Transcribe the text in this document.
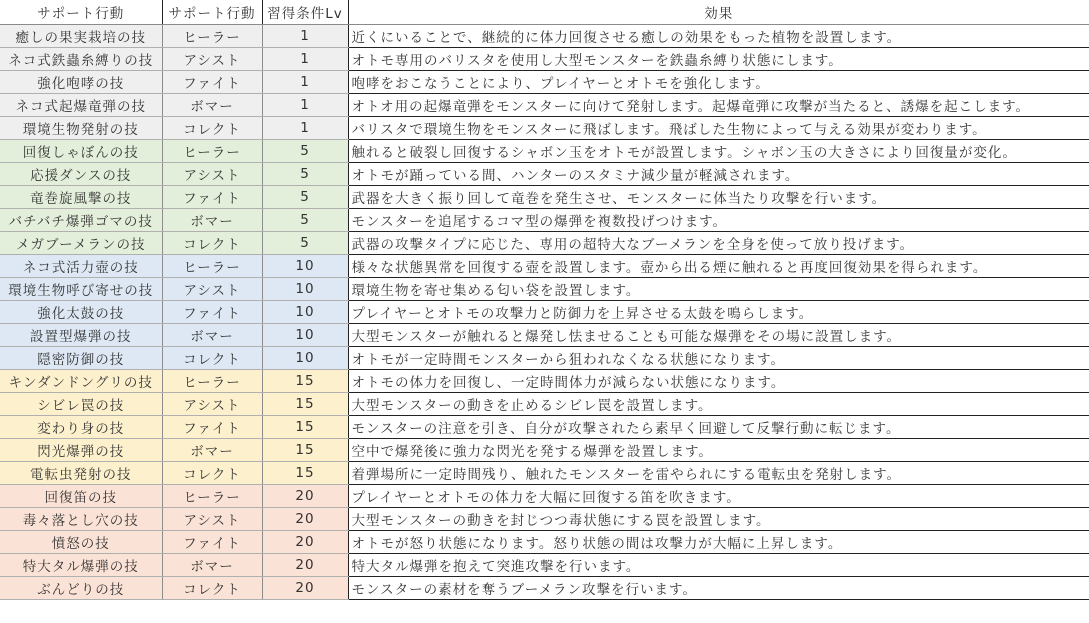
サポート行動	サポート行動	習得条件Lv	効果
癒しの果実栽培の技	ヒーラー	1	近くにいることで、継続的に体力回復させる癒しの効果をもった植物を設置します。
ネコ式鉄蟲糸縛りの技	アシスト	1	オトモ専用のバリスタを使用し大型モンスターを鉄蟲糸縛り状態にします。
強化咆哮の技	ファイト	1	咆哮をおこなうことにより、プレイヤーとオトモを強化します。
ネコ式起爆竜弾の技	ボマー	1	オトオ用の起爆竜弾をモンスターに向けて発射します。起爆竜弾に攻撃が当たると、誘爆を起こします。
環境生物発射の技	コレクト	1	バリスタで環境生物をモンスターに飛ばします。飛ばした生物によって与える効果が変わります。
回復しゃぼんの技	ヒーラー	5	触れると破裂し回復するシャボン玉をオトモが設置します。シャボン玉の大きさにより回復量が変化。
応援ダンスの技	アシスト	5	オトモが踊っている間、ハンターのスタミナ減少量が軽減されます。
竜巻旋風撃の技	ファイト	5	武器を大きく振り回して竜巻を発生させ、モンスターに体当たり攻撃を行います。
バチバチ爆弾ゴマの技	ボマー	5	モンスターを追尾するコマ型の爆弾を複数投げつけます。
メガブーメランの技	コレクト	5	武器の攻撃タイプに応じた、専用の超特大なブーメランを全身を使って放り投げます。
ネコ式活力壺の技	ヒーラー	10	様々な状態異常を回復する壺を設置します。壺から出る煙に触れると再度回復効果を得られます。
環境生物呼び寄せの技	アシスト	10	環境生物を寄せ集める匂い袋を設置します。
強化太鼓の技	ファイト	10	プレイヤーとオトモの攻撃力と防御力を上昇させる太鼓を鳴らします。
設置型爆弾の技	ボマー	10	大型モンスターが触れると爆発し怯ませることも可能な爆弾をその場に設置します。
隠密防御の技	コレクト	10	オトモが一定時間モンスターから狙われなくなる状態になります。
キンダンドングリの技	ヒーラー	15	オトモの体力を回復し、一定時間体力が減らない状態になります。
シビレ罠の技	アシスト	15	大型モンスターの動きを止めるシビレ罠を設置します。
変わり身の技	ファイト	15	モンスターの注意を引き、自分が攻撃されたら素早く回避して反撃行動に転じます。
閃光爆弾の技	ボマー	15	空中で爆発後に強力な閃光を発する爆弾を設置します。
電転虫発射の技	コレクト	15	着弾場所に一定時間残り、触れたモンスターを雷やられにする電転虫を発射します。
回復笛の技	ヒーラー	20	プレイヤーとオトモの体力を大幅に回復する笛を吹きます。
毒々落とし穴の技	アシスト	20	大型モンスターの動きを封じつつ毒状態にする罠を設置します。
憤怒の技	ファイト	20	オトモが怒り状態になります。怒り状態の間は攻撃力が大幅に上昇します。
特大タル爆弾の技	ボマー	20	特大タル爆弾を抱えて突進攻撃を行います。
ぶんどりの技	コレクト	20	モンスターの素材を奪うブーメラン攻撃を行います。
